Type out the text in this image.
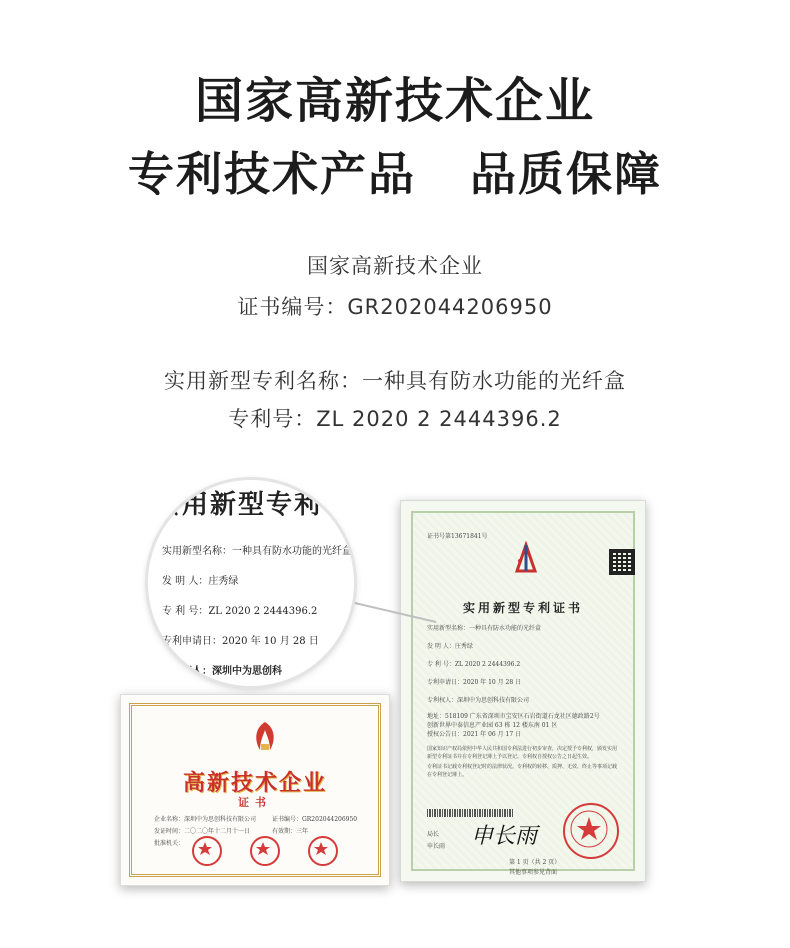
国家高新技术企业
专利技术产品   品质保障
国家高新技术企业
证书编号：GR202044206950
实用新型专利名称：一种具有防水功能的光纤盒
专利号：ZL 2020 2 2444396.2
证书号第13671841号
实用新型专利证书
实用新型名称：一种具有防水功能的光纤盒
发 明 人：庄秀绿
专 利 号：ZL 2020 2 2444396.2
专利申请日：2020 年 10 月 28 日
专利权人：深圳中为思创科技有限公司
地址：518109 广东省深圳市宝安区石岩街道石龙社区德政路2号
创新世界中泰信息产业园 63 栋 12 楼东南 01 区
授权公告日：2021 年 06 月 17 日
国家知识产权局依照中华人民共和国专利法进行初步审查，决定授予专利权，颁发实用
新型专利证书并在专利登记簿上予以登记。专利权自授权公告之日起生效。
专利证书记载专利权登记时的法律状况。专利权的转移、质押、无效、终止等事项记载
在专利登记簿上。
局长
申长雨 申长雨
第 1 页（共 2 页）
其他事项参见背面
高新技术企业
证书
企业名称：深圳中为思创科技有限公司	证书编号：GR202044206950
发证时间：二〇二〇年十二月十一日	有效期：三年
批准机关：
实用新型专利
实用新型名称：一种具有防水功能的光纤盒
发 明 人：庄秀绿
专 利 号：ZL 2020 2 2444396.2
专利申请日：2020 年 10 月 28 日
专利权人：深圳中为思创科
